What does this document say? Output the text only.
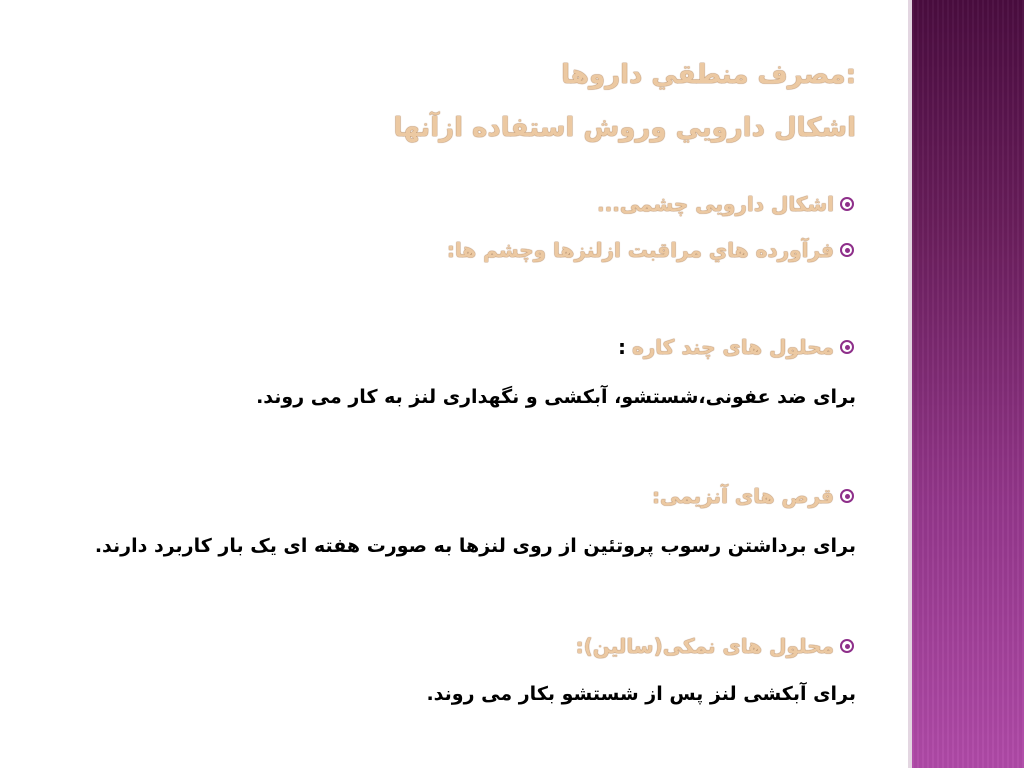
مصرف منطقي داروها:
اشكال دارويي وروش استفاده ازآنها
اشکال دارویی چشمی...
فرآورده هاي مراقبت ازلنزها وچشم ها:
محلول های چند کاره
:
برای ضد عفونی،شستشو، آبکشی و نگهداری لنز به کار می روند.
قرص های آنزیمی:
برای برداشتن رسوب پروتئین از روی لنزها به صورت هفته ای یک بار کاربرد دارند.
محلول های نمکی(سالین):
برای آبکشی لنز پس از شستشو بکار می روند.
